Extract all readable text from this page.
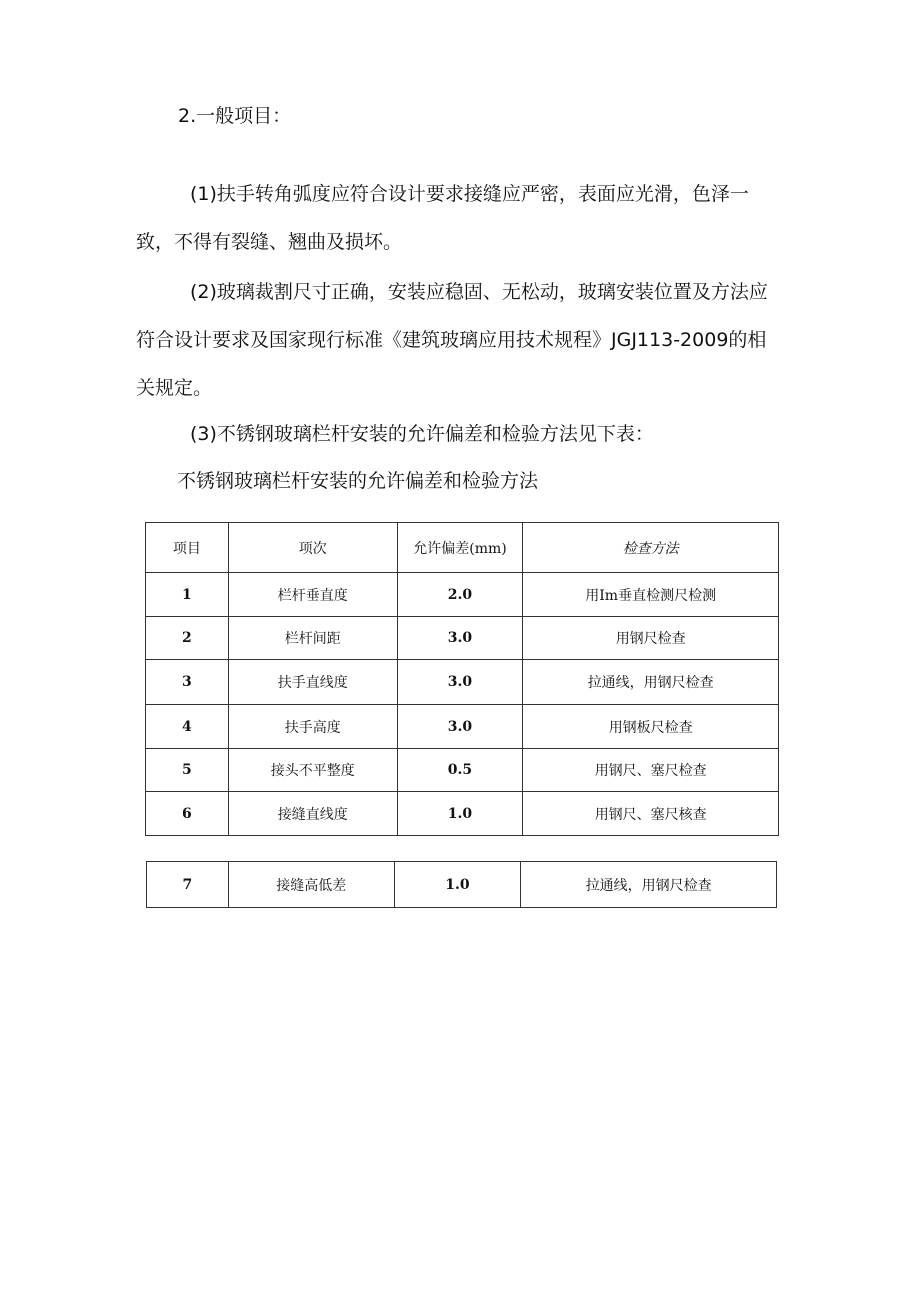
2.一般项目：
(1)扶手转角弧度应符合设计要求接缝应严密，表面应光滑，色泽一致，不得有裂缝、翘曲及损坏。
(2)玻璃裁割尺寸正确，安装应稳固、无松动，玻璃安装位置及方法应符合设计要求及国家现行标准《建筑玻璃应用技术规程》JGJ113-2009的相关规定。
(3)不锈钢玻璃栏杆安装的允许偏差和检验方法见下表：
不锈钢玻璃栏杆安装的允许偏差和检验方法
项目	项次	允许偏差(mm)	检查方法
1	栏杆垂直度	2.0	用Im垂直检测尺检测
2	栏杆间距	3.0	用钢尺检查
3	扶手直线度	3.0	拉通线，用钢尺检查
4	扶手高度	3.0	用钢板尺检查
5	接头不平整度	0.5	用钢尺、塞尺检查
6	接缝直线度	1.0	用钢尺、塞尺核查
7	接缝高低差	1.0	拉通线，用钢尺检查
